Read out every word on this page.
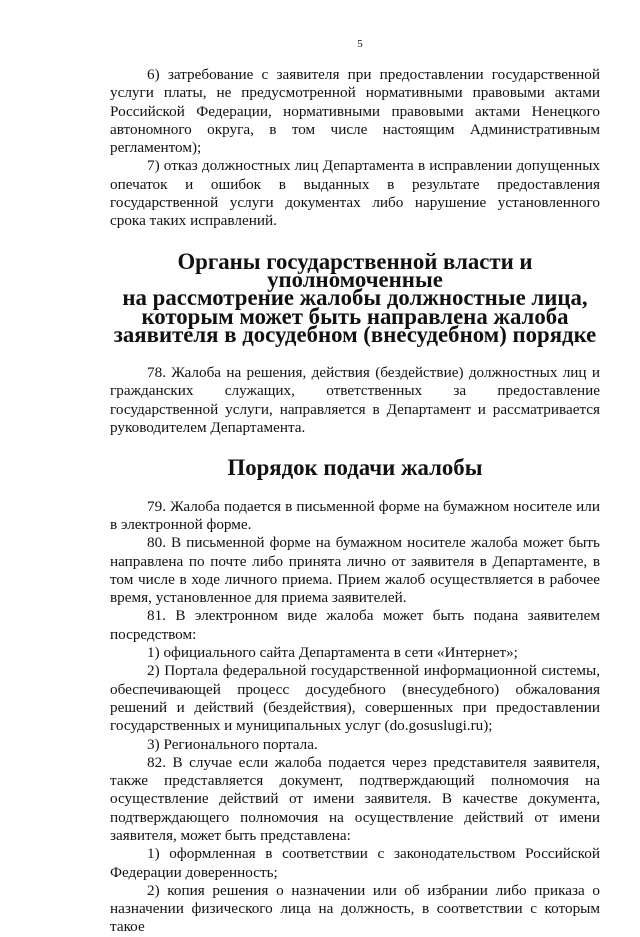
5

6) затребование с заявителя при предоставлении государственной услуги платы, не предусмотренной нормативными правовыми актами Российской Федерации, нормативными правовыми актами Ненецкого автономного округа, в том числе настоящим Административным регламентом);

7) отказ должностных лиц Департамента в исправлении допущенных опечаток и ошибок в выданных в результате предоставления государственной услуги документах либо нарушение установленного срока таких исправлений.

Органы государственной власти и уполномоченные
на рассмотрение жалобы должностные лица,
которым может быть направлена жалоба
заявителя в досудебном (внесудебном) порядке

78. Жалоба на решения, действия (бездействие) должностных лиц и гражданских служащих, ответственных за предоставление государственной услуги, направляется в Департамент и рассматривается руководителем Департамента.

Порядок подачи жалобы

79. Жалоба подается в письменной форме на бумажном носителе или в электронной форме.

80. В письменной форме на бумажном носителе жалоба может быть направлена по почте либо принята лично от заявителя в Департаменте, в том числе в ходе личного приема. Прием жалоб осуществляется в рабочее время, установленное для приема заявителей.

81. В электронном виде жалоба может быть подана заявителем посредством:

1) официального сайта Департамента в сети «Интернет»;

2) Портала федеральной государственной информационной системы, обеспечивающей процесс досудебного (внесудебного) обжалования решений и действий (бездействия), совершенных при предоставлении государственных и муниципальных услуг (do.gosuslugi.ru);

3) Регионального портала.

82. В случае если жалоба подается через представителя заявителя, также представляется документ, подтверждающий полномочия на осуществление действий от имени заявителя. В качестве документа, подтверждающего полномочия на осуществление действий от имени заявителя, может быть представлена:

1) оформленная в соответствии с законодательством Российской Федерации доверенность;

2) копия решения о назначении или об избрании либо приказа о назначении физического лица на должность, в соответствии с которым такое
